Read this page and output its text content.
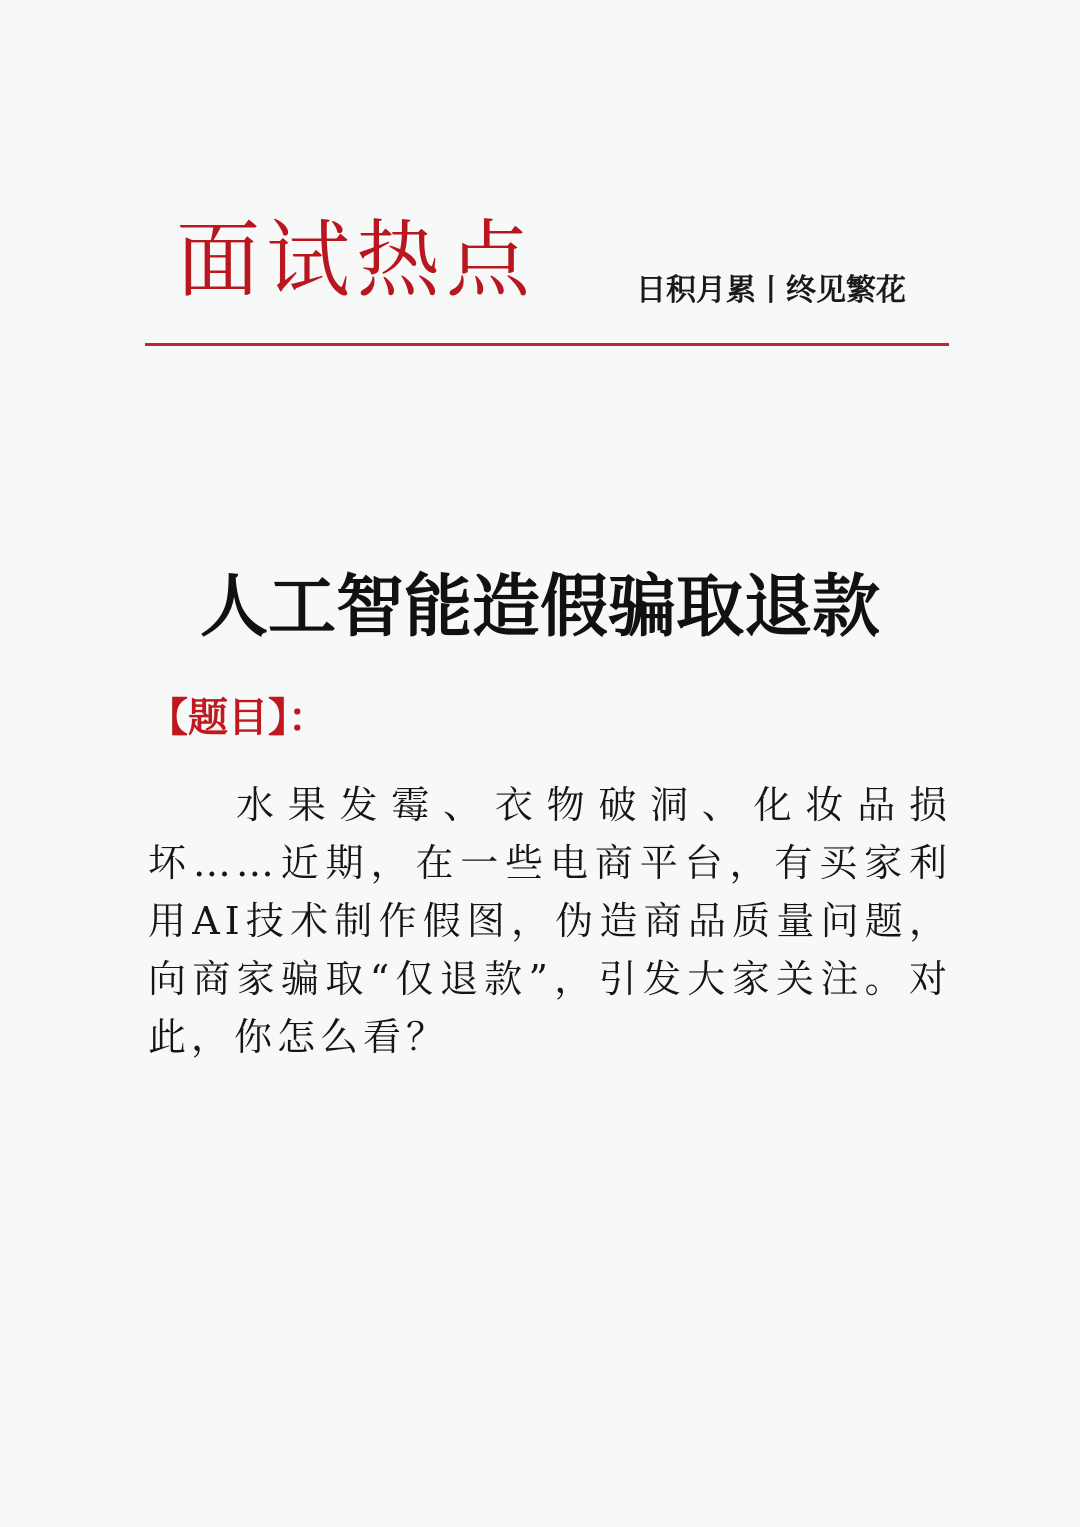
面试热点	日积月累丨终见繁花
人工智能造假骗取退款
【题目】：
水果发霉、衣物破洞、化妆品损坏……近期，在一些电商平台，有买家利用AI技术制作假图，伪造商品质量问题，向商家骗取“仅退款”，引发大家关注。对此，你怎么看？
